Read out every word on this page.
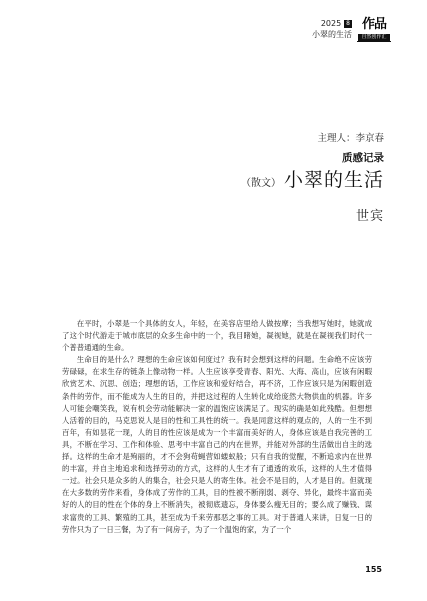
2025 8
小翠的生活
作品
自然创作汇
主理人：李京春
质感记录
（散文） 小翠的生活
世宾

在平时，小翠是一个具体的女人，年轻，在美容店里给人做按摩；当我想写她时，她就成了这个时代游走于城市底层的众多生命中的一个，我目睹她，凝视她，就是在凝视我们时代一个普普通通的生命。

生命目的是什么？理想的生命应该如何度过？我有时会想到这样的问题。生命绝不应该劳劳碌碌，在求生存的链条上像动物一样。人生应该享受青春、阳光、大海、高山，应该有闲暇欣赏艺术、沉思、创造；理想的话，工作应该和爱好结合，再不济，工作应该只是为闲暇创造条件的劳作，而不能成为人生的目的，并把这过程的人生转化成给庞然大物供血的机器。许多人可能会嘲笑我，说有机会劳动能解决一家的温饱应该满足了。现实的确是如此残酷。但想想人活着的目的，马克思说人是目的性和工具性的统一。我是同意这样的观点的，人的一生不到百年，有如昙花一现，人的目的性应该是成为一个丰富而美好的人，身体应该是自我完善的工具，不断在学习、工作和体验、思考中丰富自己的内在世界，并能对外部的生活做出自主的选择。这样的生命才是殉丽的，才不会狗苟蝇营如蝼蚁般；只有自我的觉醒，不断追求内在世界的丰富，并自主地追求和选择劳动的方式，这样的人生才有了通透的欢乐，这样的人生才值得一过。社会只是众多的人的集合，社会只是人的寄生体。社会不是目的，人才是目的。但就现在大多数的劳作来看，身体成了劳作的工具，目的性被不断削弱、剥夺、异化，最终丰富而美好的人的目的性在个体的身上不断消失，被彻底遗忘，身体要么瘦无目的；要么成了赚钱、谋求富贵的工具、繁殖的工具，甚至成为千来劳那恶之事的工具。对于普通人来讲，日复一日的劳作只为了一日三餐，为了有一间房子，为了一个温饱的家，为了一个

155
